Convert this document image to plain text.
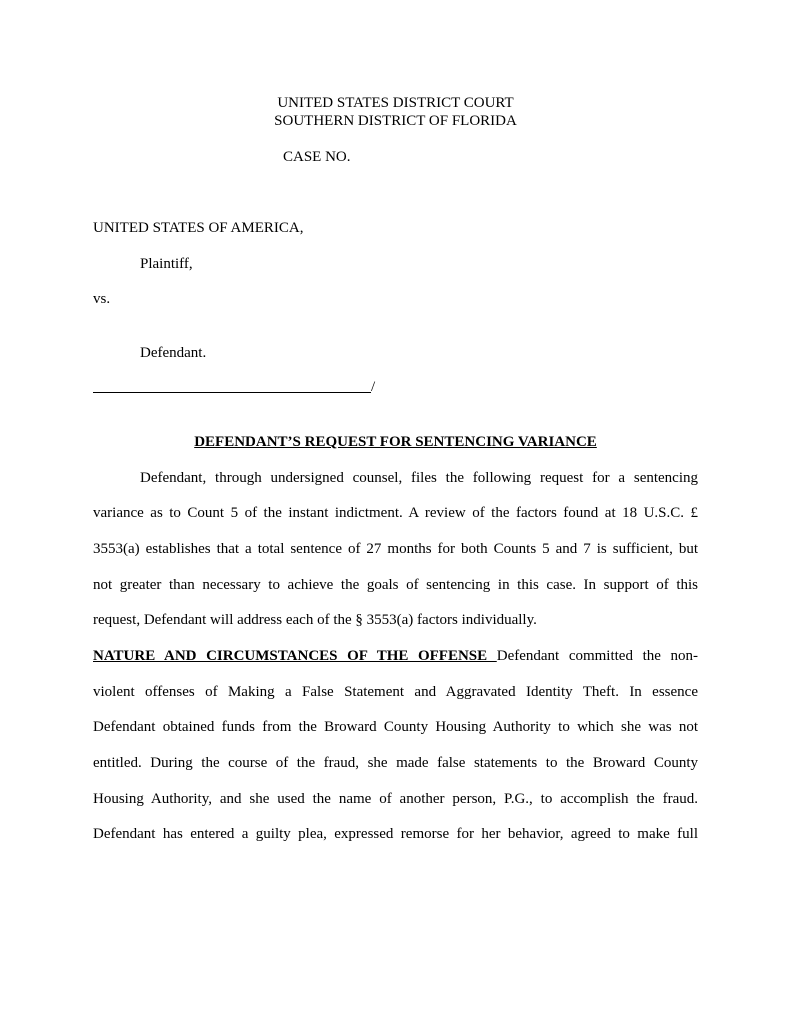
UNITED STATES DISTRICT COURT
SOUTHERN DISTRICT OF FLORIDA
CASE NO.
UNITED STATES OF AMERICA,
Plaintiff,
vs.
Defendant.
/
DEFENDANT’S REQUEST FOR SENTENCING VARIANCE
Defendant, through undersigned counsel, files the following request for a sentencing
variance as to Count 5 of the instant indictment. A review of the factors found at 18 U.S.C. £
3553(a) establishes that a total sentence of 27 months for both Counts 5 and 7 is sufficient, but
not greater than necessary to achieve the goals of sentencing in this case. In support of this
request, Defendant will address each of the § 3553(a) factors individually.
NATURE AND CIRCUMSTANCES OF THE OFFENSE Defendant committed the non-
violent offenses of Making a False Statement and Aggravated Identity Theft. In essence
Defendant obtained funds from the Broward County Housing Authority to which she was not
entitled. During the course of the fraud, she made false statements to the Broward County
Housing Authority, and she used the name of another person, P.G., to accomplish the fraud.
Defendant has entered a guilty plea, expressed remorse for her behavior, agreed to make full
